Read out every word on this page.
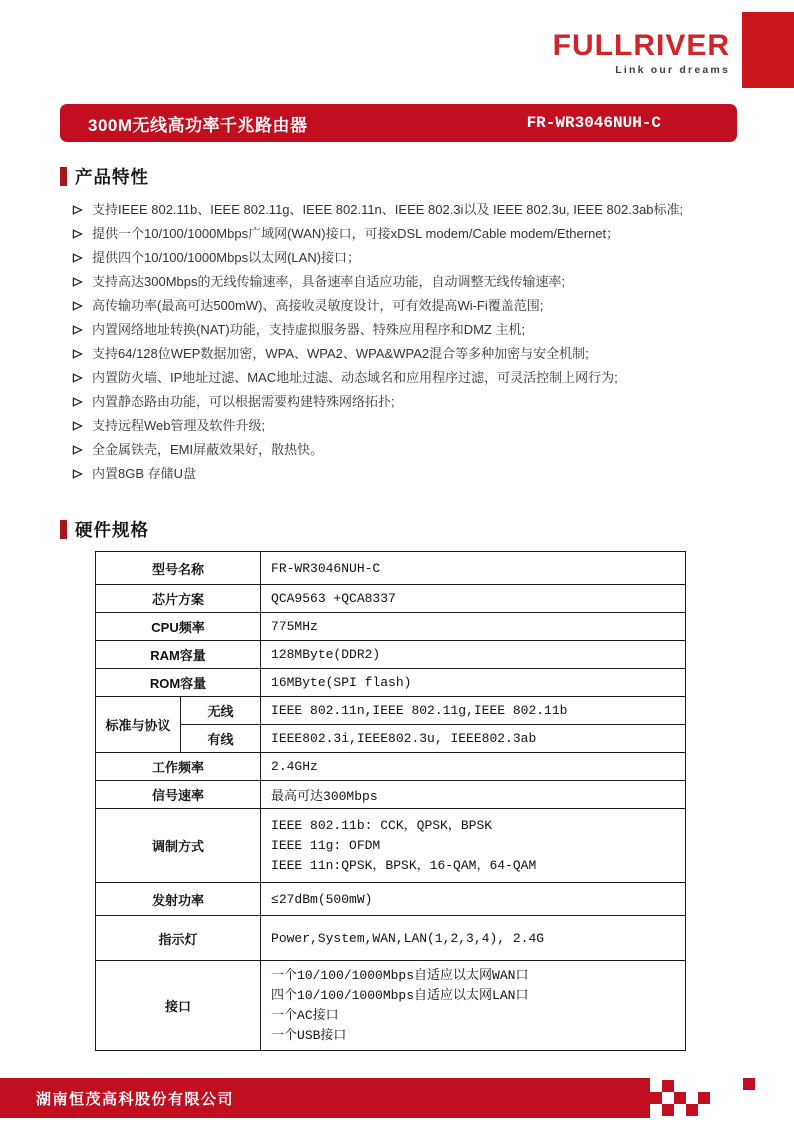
FULLRIVER
Link our dreams
300M无线高功率千兆路由器	FR-WR3046NUH-C
产品特性
支持IEEE 802.11b、IEEE 802.11g、IEEE 802.11n、IEEE 802.3i以及 IEEE 802.3u, IEEE 802.3ab标准;
提供一个10/100/1000Mbps广域网(WAN)接口，可接xDSL modem/Cable modem/Ethernet；
提供四个10/100/1000Mbps以太网(LAN)接口；
支持高达300Mbps的无线传输速率，具备速率自适应功能，自动调整无线传输速率;
高传输功率(最高可达500mW)、高接收灵敏度设计，可有效提高Wi-Fi覆盖范围;
内置网络地址转换(NAT)功能，支持虚拟服务器、特殊应用程序和DMZ 主机;
支持64/128位WEP数据加密，WPA、WPA2、WPA&WPA2混合等多种加密与安全机制;
内置防火墙、IP地址过滤、MAC地址过滤、动态域名和应用程序过滤，可灵活控制上网行为;
内置静态路由功能，可以根据需要构建特殊网络拓扑;
支持远程Web管理及软件升级;
全金属铁壳，EMI屏蔽效果好，散热快。
内置8GB 存储U盘
硬件规格
型号名称		FR-WR3046NUH-C
芯片方案		QCA9563 +QCA8337
CPU频率		775MHz
RAM容量		128MByte(DDR2)
ROM容量		16MByte(SPI flash)
标准与协议	无线	IEEE 802.11n,IEEE 802.11g,IEEE 802.11b
	有线	IEEE802.3i,IEEE802.3u, IEEE802.3ab
工作频率		2.4GHz
信号速率		最高可达300Mbps
调制方式		IEEE 802.11b: CCK，QPSK，BPSK
IEEE 11g: OFDM
IEEE 11n:QPSK，BPSK，16-QAM，64-QAM

发射功率		≤27dBm(500mW)
指示灯		Power,System,WAN,LAN(1,2,3,4), 2.4G
接口		一个10/100/1000Mbps自适应以太网WAN口
四个10/100/1000Mbps自适应以太网LAN口
一个AC接口
一个USB接口
湖南恒茂高科股份有限公司
